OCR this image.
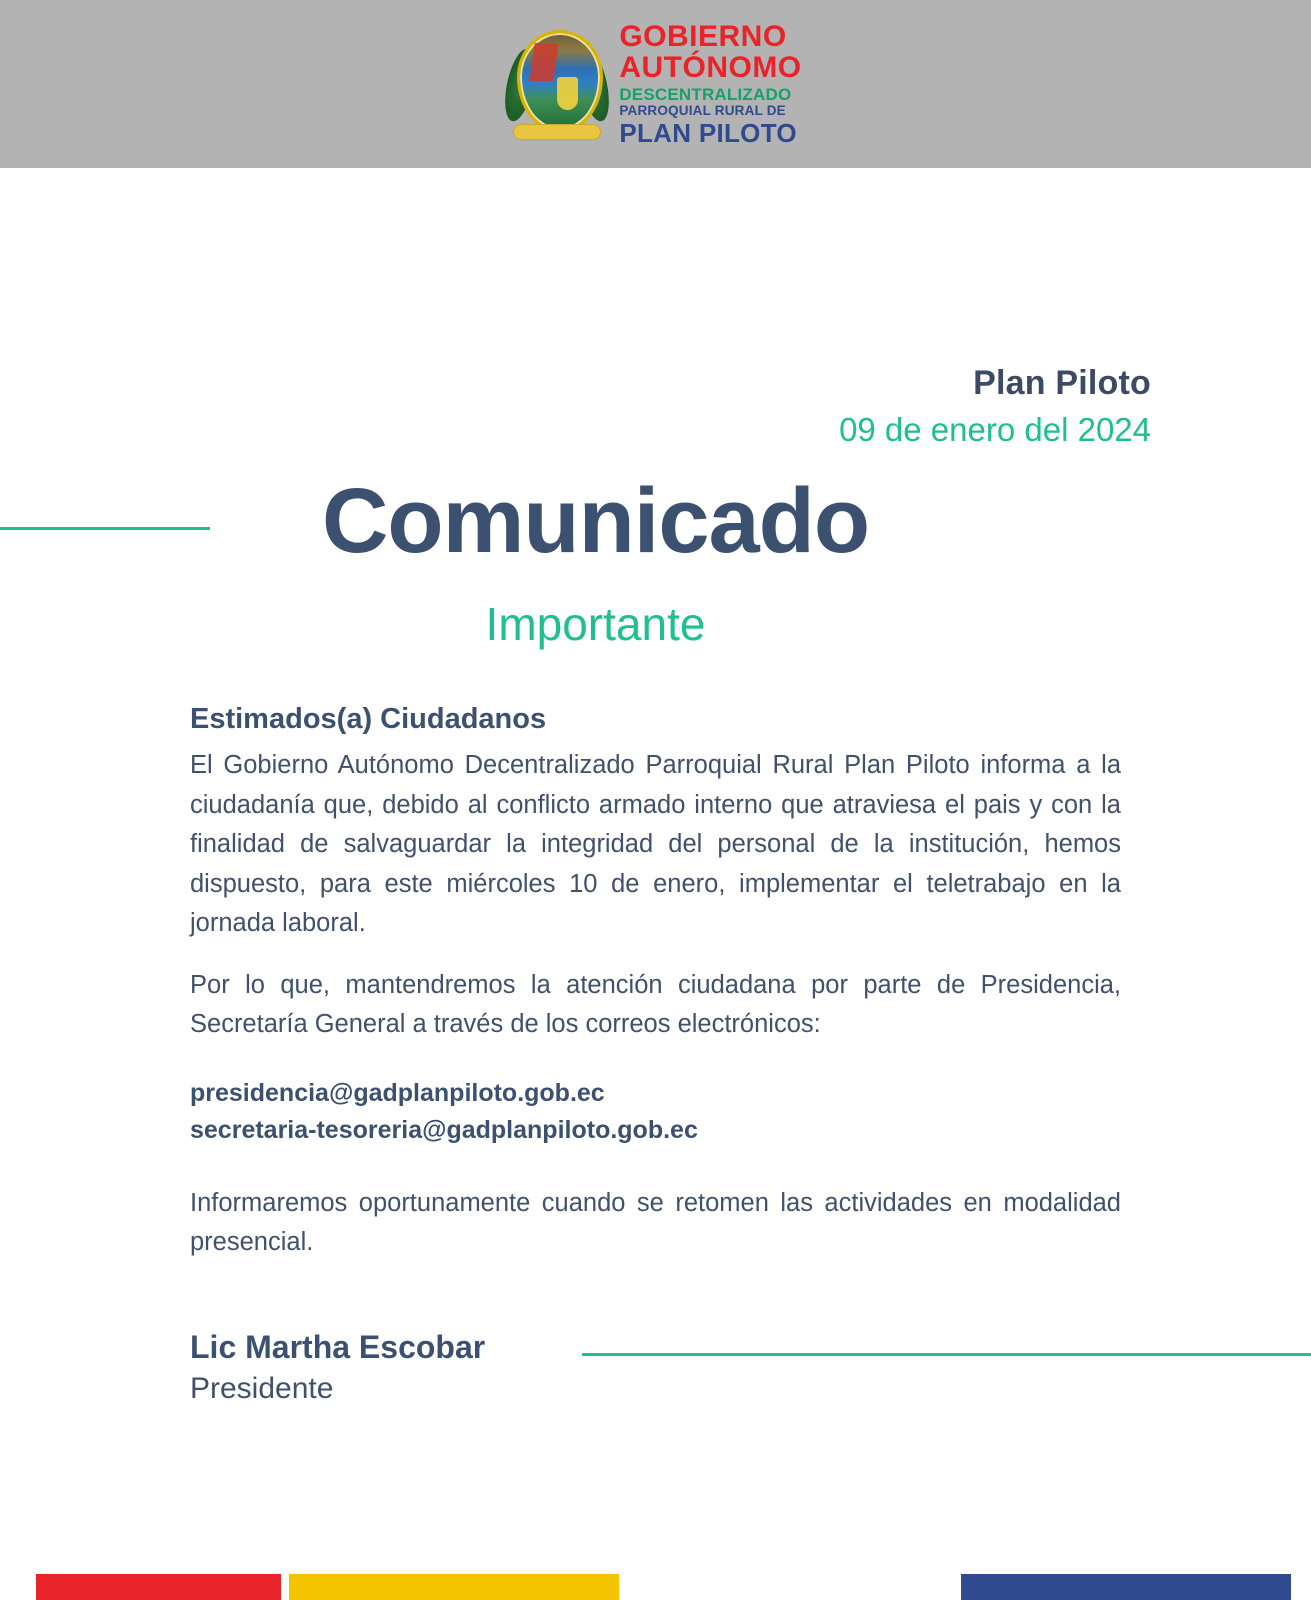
GOBIERNO
AUTÓNOMO
DESCENTRALIZADO
PARROQUIAL RURAL DE
PLAN PILOTO
Plan Piloto
09 de enero del 2024
Comunicado
Importante
Estimados(a) Ciudadanos

El Gobierno Autónomo Decentralizado Parroquial Rural Plan Piloto informa a la ciudadanía que, debido al conflicto armado interno que atraviesa el pais y con la finalidad de salvaguardar la integridad del personal de la institución, hemos dispuesto, para este miércoles 10 de enero, implementar el teletrabajo en la jornada laboral.

Por lo que, mantendremos la atención ciudadana por parte de Presidencia, Secretaría General a través de los correos electrónicos:

presidencia@gadplanpiloto.gob.ec
secretaria-tesoreria@gadplanpiloto.gob.ec

Informaremos oportunamente cuando se retomen las actividades en modalidad presencial.

Lic Martha Escobar
Presidente
